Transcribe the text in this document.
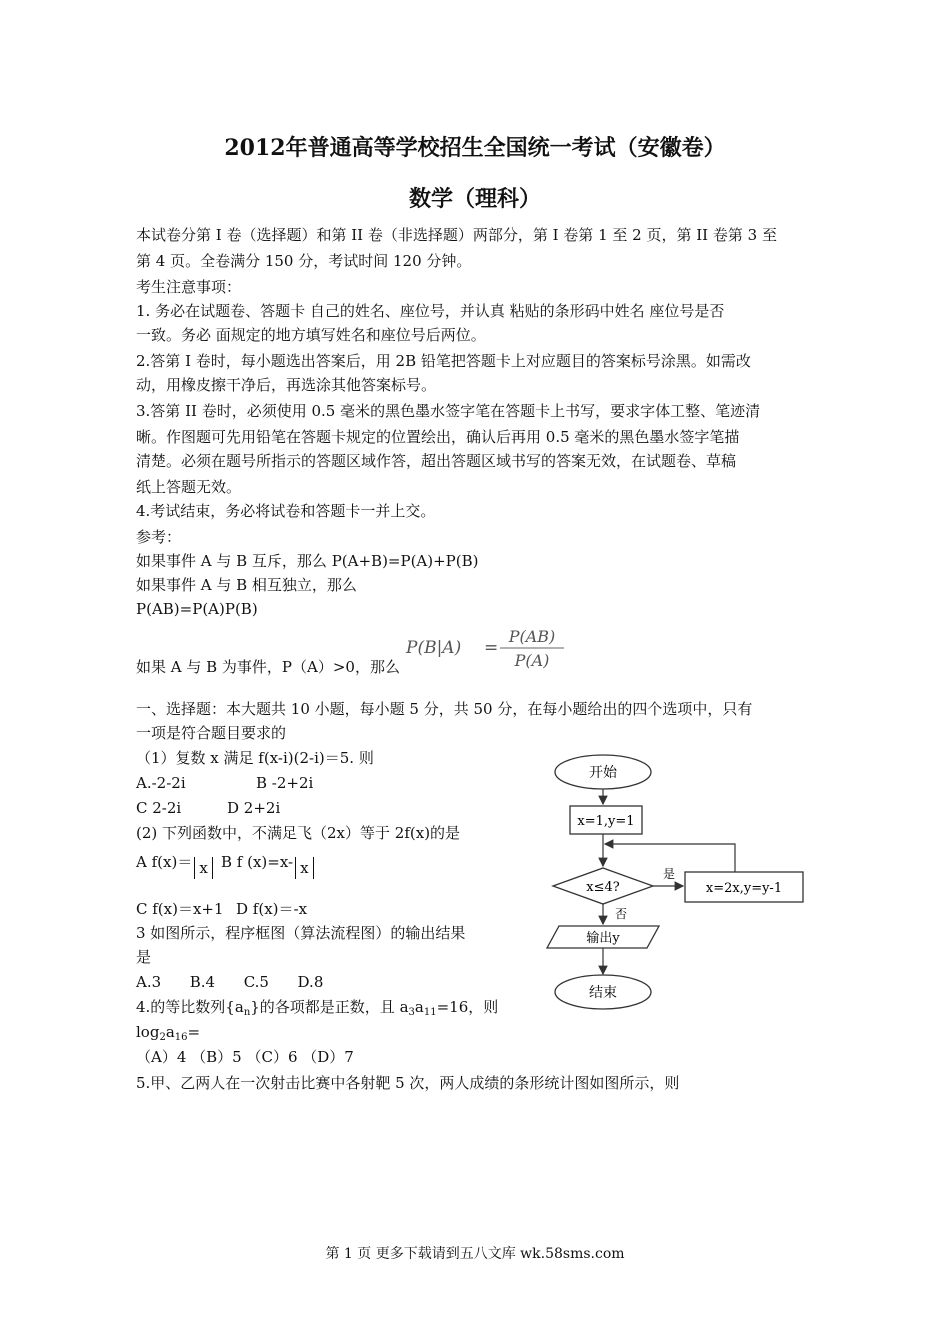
2012年普通高等学校招生全国统一考试（安徽卷）
数学（理科）
本试卷分第 I 卷（选择题）和第 II 卷（非选择题）两部分，第 I 卷第 1 至 2 页，第 II 卷第 3 至
第 4 页。全卷满分 150 分，考试时间 120 分钟。
考生注意事项：
1. 务必在试题卷、答题卡 自己的姓名、座位号，并认真 粘贴的条形码中姓名 座位号是否
一致。务必 面规定的地方填写姓名和座位号后两位。
2.答第 I 卷时，每小题选出答案后，用 2B 铅笔把答题卡上对应题目的答案标号涂黑。如需改
动，用橡皮擦干净后，再选涂其他答案标号。
3.答第 II 卷时，必须使用 0.5 毫米的黑色墨水签字笔在答题卡上书写，要求字体工整、笔迹清
晰。作图题可先用铅笔在答题卡规定的位置绘出，确认后再用 0.5 毫米的黑色墨水签字笔描
清楚。必须在题号所指示的答题区域作答，超出答题区域书写的答案无效，在试题卷、草稿
纸上答题无效。
4.考试结束，务必将试卷和答题卡一并上交。
参考：
如果事件 A 与 B 互斥，那么 P(A+B)=P(A)+P(B)
如果事件 A 与 B 相互独立，那么
P(AB)=P(A)P(B)
如果 A 与 B 为事件，P（A）>0，那么
P(B|A) =
P(AB)
P(A)
一、选择题：本大题共 10 小题，每小题 5 分，共 50 分，在每小题给出的四个选项中，只有
一项是符合题目要求的
（1）复数 x 满足 f(x-i)(2-i)＝5. 则
A.-2-2i	B -2+2i
C 2-2i	D 2+2i
(2) 下列函数中，不满足飞（2x）等于 2f(x)的是
A f(x)＝ x B f (x)=x- x
C f(x)＝x+1 D f(x)＝-x
3 如图所示，程序框图（算法流程图）的输出结果
是
A.3      B.4      C.5      D.8
4.的等比数列$\{a_n\}$的各项都是正数，且 $a_3a_{11}=16$，则
$\log_2a_{16}=$
（A）4 （B）5 （C）6 （D）7
5.甲、乙两人在一次射击比赛中各射靶 5 次，两人成绩的条形统计图如图所示，则
开始
x=1,y=1
x≤4?
是
x=2x,y=y-1
否
输出y
结束
第 1 页 更多下载请到五八文库 wk.58sms.com
